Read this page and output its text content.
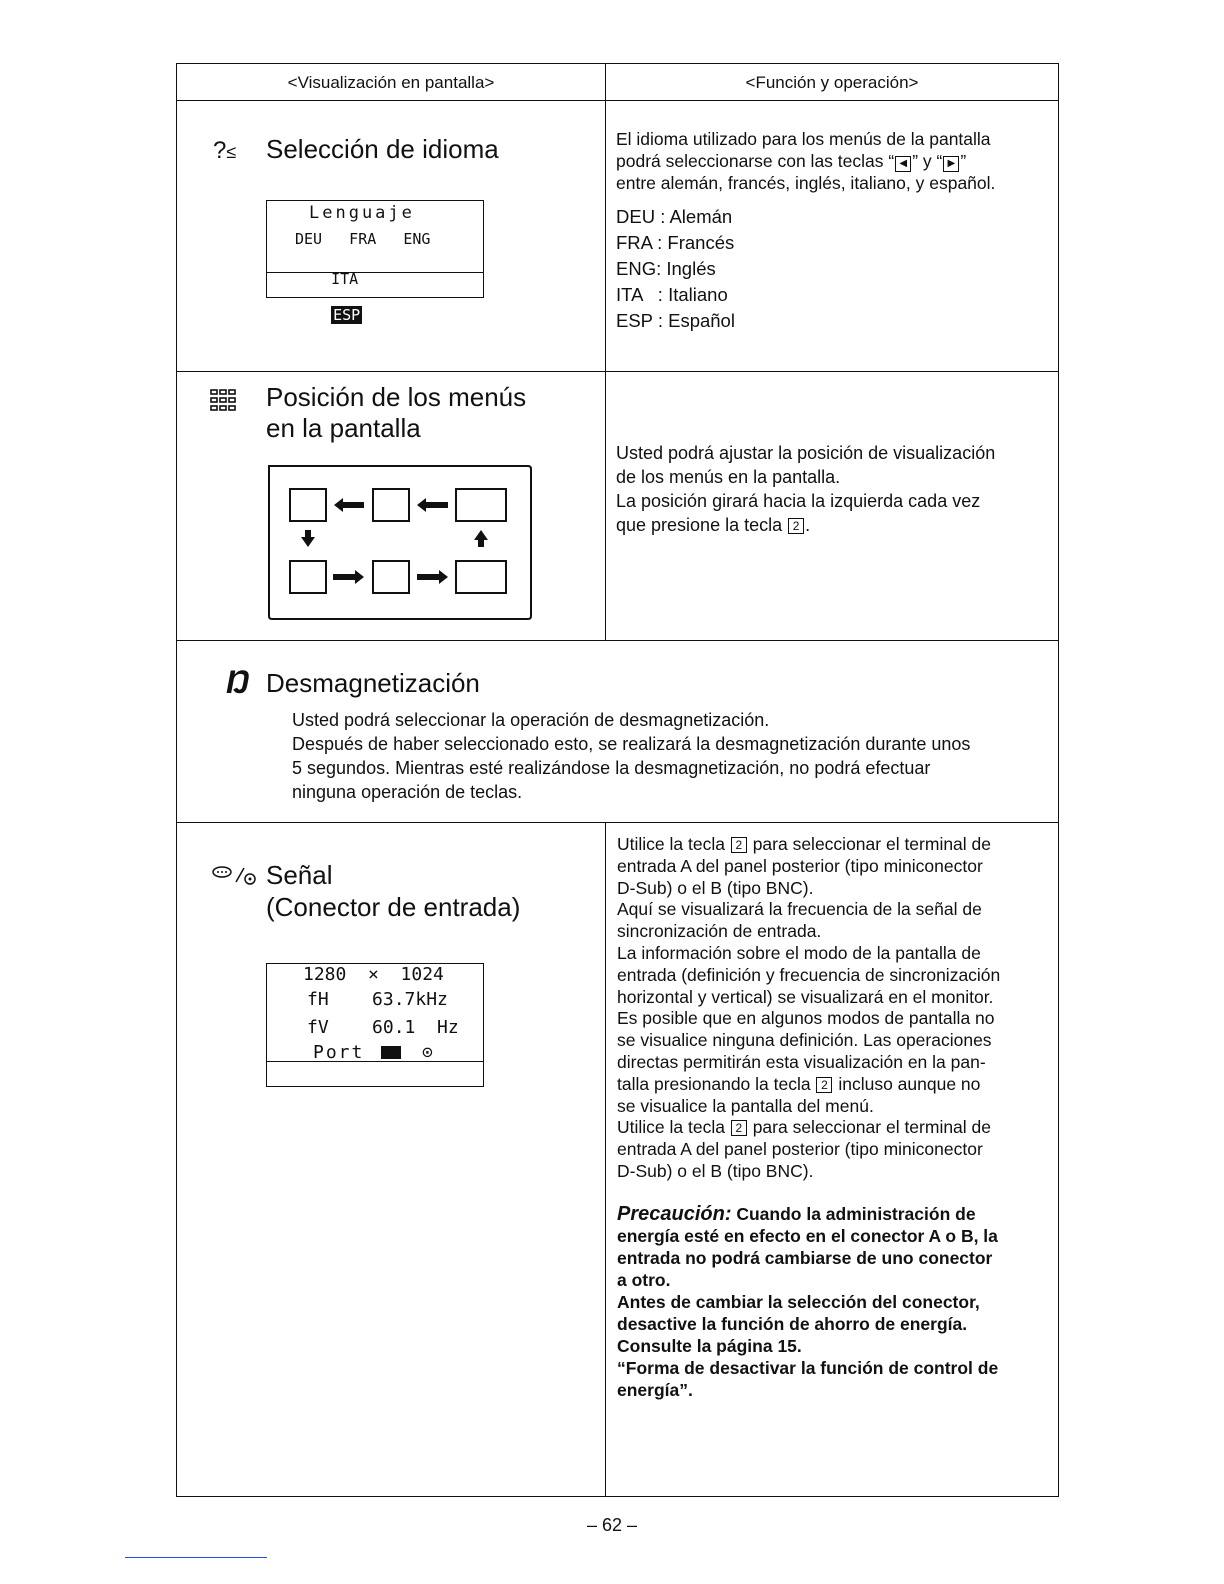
<Visualización en pantalla>	<Función y operación>
?≤ Selección de idioma
Lenguaje
DEU   FRA   ENG

ITA

ESP

El idioma utilizado para los menús de la pantalla
podrá seleccionarse con las teclas “ ◀ ” y “ ▶ ”
entre alemán, francés, inglés, italiano, y español.
DEU : Alemán
FRA : Francés
ENG: Inglés
ITA   : Italiano
ESP : Español
Posición de los menús
en la pantalla
Usted podrá ajustar la posición de visualización
de los menús en la pantalla.
La posición girará hacia la izquierda cada vez
que presione la tecla 2 .
Ŋ Desmagnetización
Usted podrá seleccionar la operación de desmagnetización.
Después de haber seleccionado esto, se realizará la desmagnetización durante unos
5 segundos. Mientras esté realizándose la desmagnetización, no podrá efectuar
ninguna operación de teclas.
Señal
(Conector de entrada)
1280  ×  1024
fH    63.7kHz
fV    60.1  Hz
Port	⊙
Utilice la tecla 2 para seleccionar el terminal de
entrada A del panel posterior (tipo miniconector
D-Sub) o el B (tipo BNC).
Aquí se visualizará la frecuencia de la señal de
sincronización de entrada.
La información sobre el modo de la pantalla de
entrada (definición y frecuencia de sincronización
horizontal y vertical) se visualizará en el monitor.
Es posible que en algunos modos de pantalla no
se visualice ninguna definición. Las operaciones
directas permitirán esta visualización en la pan-
talla presionando la tecla 2 incluso aunque no
se visualice la pantalla del menú.
Utilice la tecla 2 para seleccionar el terminal de
entrada A del panel posterior (tipo miniconector
D-Sub) o el B (tipo BNC).
Precaución: Cuando la administración de
energía esté en efecto en el conector A o B, la
entrada no podrá cambiarse de uno conector
a otro.
Antes de cambiar la selección del conector,
desactive la función de ahorro de energía.
Consulte la página 15.
“Forma de desactivar la función de control de
energía”.
– 62 –
